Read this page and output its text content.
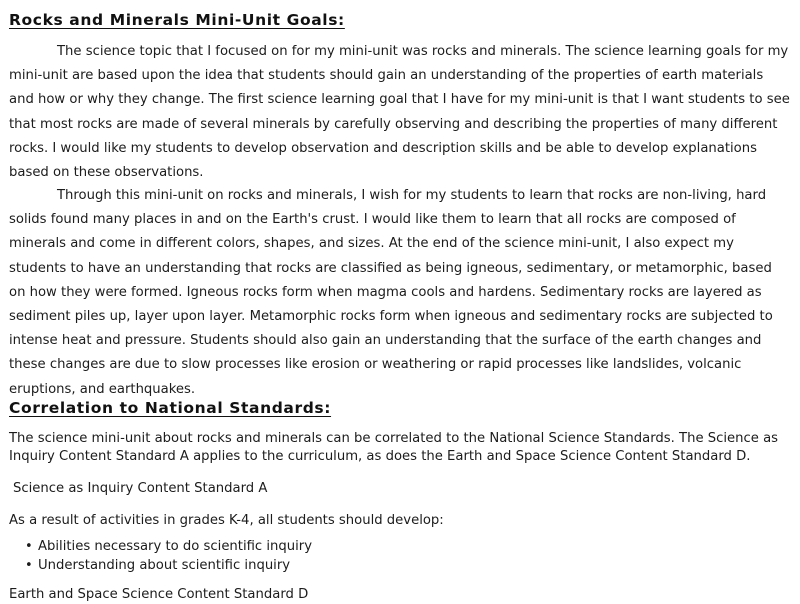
Rocks and Minerals Mini-Unit Goals:

The science topic that I focused on for my mini-unit was rocks and minerals. The science learning goals for my mini-unit are based upon the idea that students should gain an understanding of the properties of earth materials and how or why they change. The first science learning goal that I have for my mini-unit is that I want students to see that most rocks are made of several minerals by carefully observing and describing the properties of many different rocks. I would like my students to develop observation and description skills and be able to develop explanations based on these observations.

Through this mini-unit on rocks and minerals, I wish for my students to learn that rocks are non-living, hard solids found many places in and on the Earth's crust. I would like them to learn that all rocks are composed of minerals and come in different colors, shapes, and sizes. At the end of the science mini-unit, I also expect my students to have an understanding that rocks are classified as being igneous, sedimentary, or metamorphic, based on how they were formed. Igneous rocks form when magma cools and hardens. Sedimentary rocks are layered as sediment piles up, layer upon layer. Metamorphic rocks form when igneous and sedimentary rocks are subjected to intense heat and pressure. Students should also gain an understanding that the surface of the earth changes and these changes are due to slow processes like erosion or weathering or rapid processes like landslides, volcanic eruptions, and earthquakes.

Correlation to National Standards:

The science mini-unit about rocks and minerals can be correlated to the National Science Standards. The Science as Inquiry Content Standard A applies to the curriculum, as does the Earth and Space Science Content Standard D.

Science as Inquiry Content Standard A

As a result of activities in grades K-4, all students should develop:

• Abilities necessary to do scientific inquiry
• Understanding about scientific inquiry
Earth and Space Science Content Standard D
